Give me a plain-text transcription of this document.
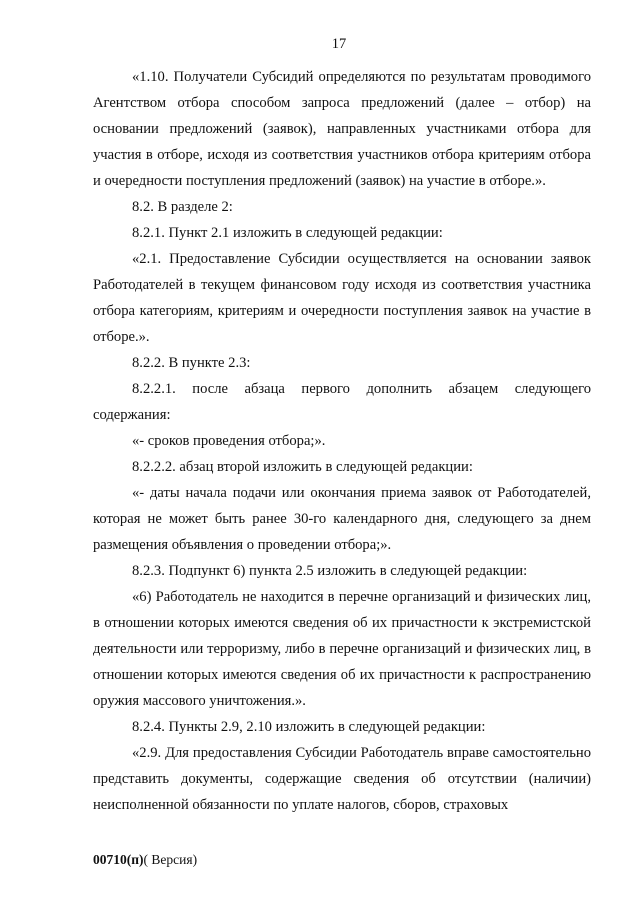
17

«1.10. Получатели Субсидий определяются по результатам проводимого Агентством отбора способом запроса предложений (далее – отбор) на основании предложений (заявок), направленных участниками отбора для участия в отборе, исходя из соответствия участников отбора критериям отбора и очередности поступления предложений (заявок) на участие в отборе.».

8.2. В разделе 2:

8.2.1. Пункт 2.1 изложить в следующей редакции:

«2.1. Предоставление Субсидии осуществляется на основании заявок Работодателей в текущем финансовом году исходя из соответствия участника отбора категориям, критериям и очередности поступления заявок на участие в отборе.».

8.2.2. В пункте 2.3:

8.2.2.1. после абзаца первого дополнить абзацем следующего содержания:

«- сроков проведения отбора;».

8.2.2.2. абзац второй изложить в следующей редакции:

«- даты начала подачи или окончания приема заявок от Работодателей, которая не может быть ранее 30-го календарного дня, следующего за днем размещения объявления о проведении отбора;».

8.2.3. Подпункт 6) пункта 2.5 изложить в следующей редакции:

«6) Работодатель не находится в перечне организаций и физических лиц, в отношении которых имеются сведения об их причастности к экстремистской деятельности или терроризму, либо в перечне организаций и физических лиц, в отношении которых имеются сведения об их причастности к распространению оружия массового уничтожения.».

8.2.4. Пункты 2.9, 2.10 изложить в следующей редакции:

«2.9. Для предоставления Субсидии Работодатель вправе самостоятельно представить документы, содержащие сведения об отсутствии (наличии) неисполненной обязанности по уплате налогов, сборов, страховых

00710(п)( Версия)
